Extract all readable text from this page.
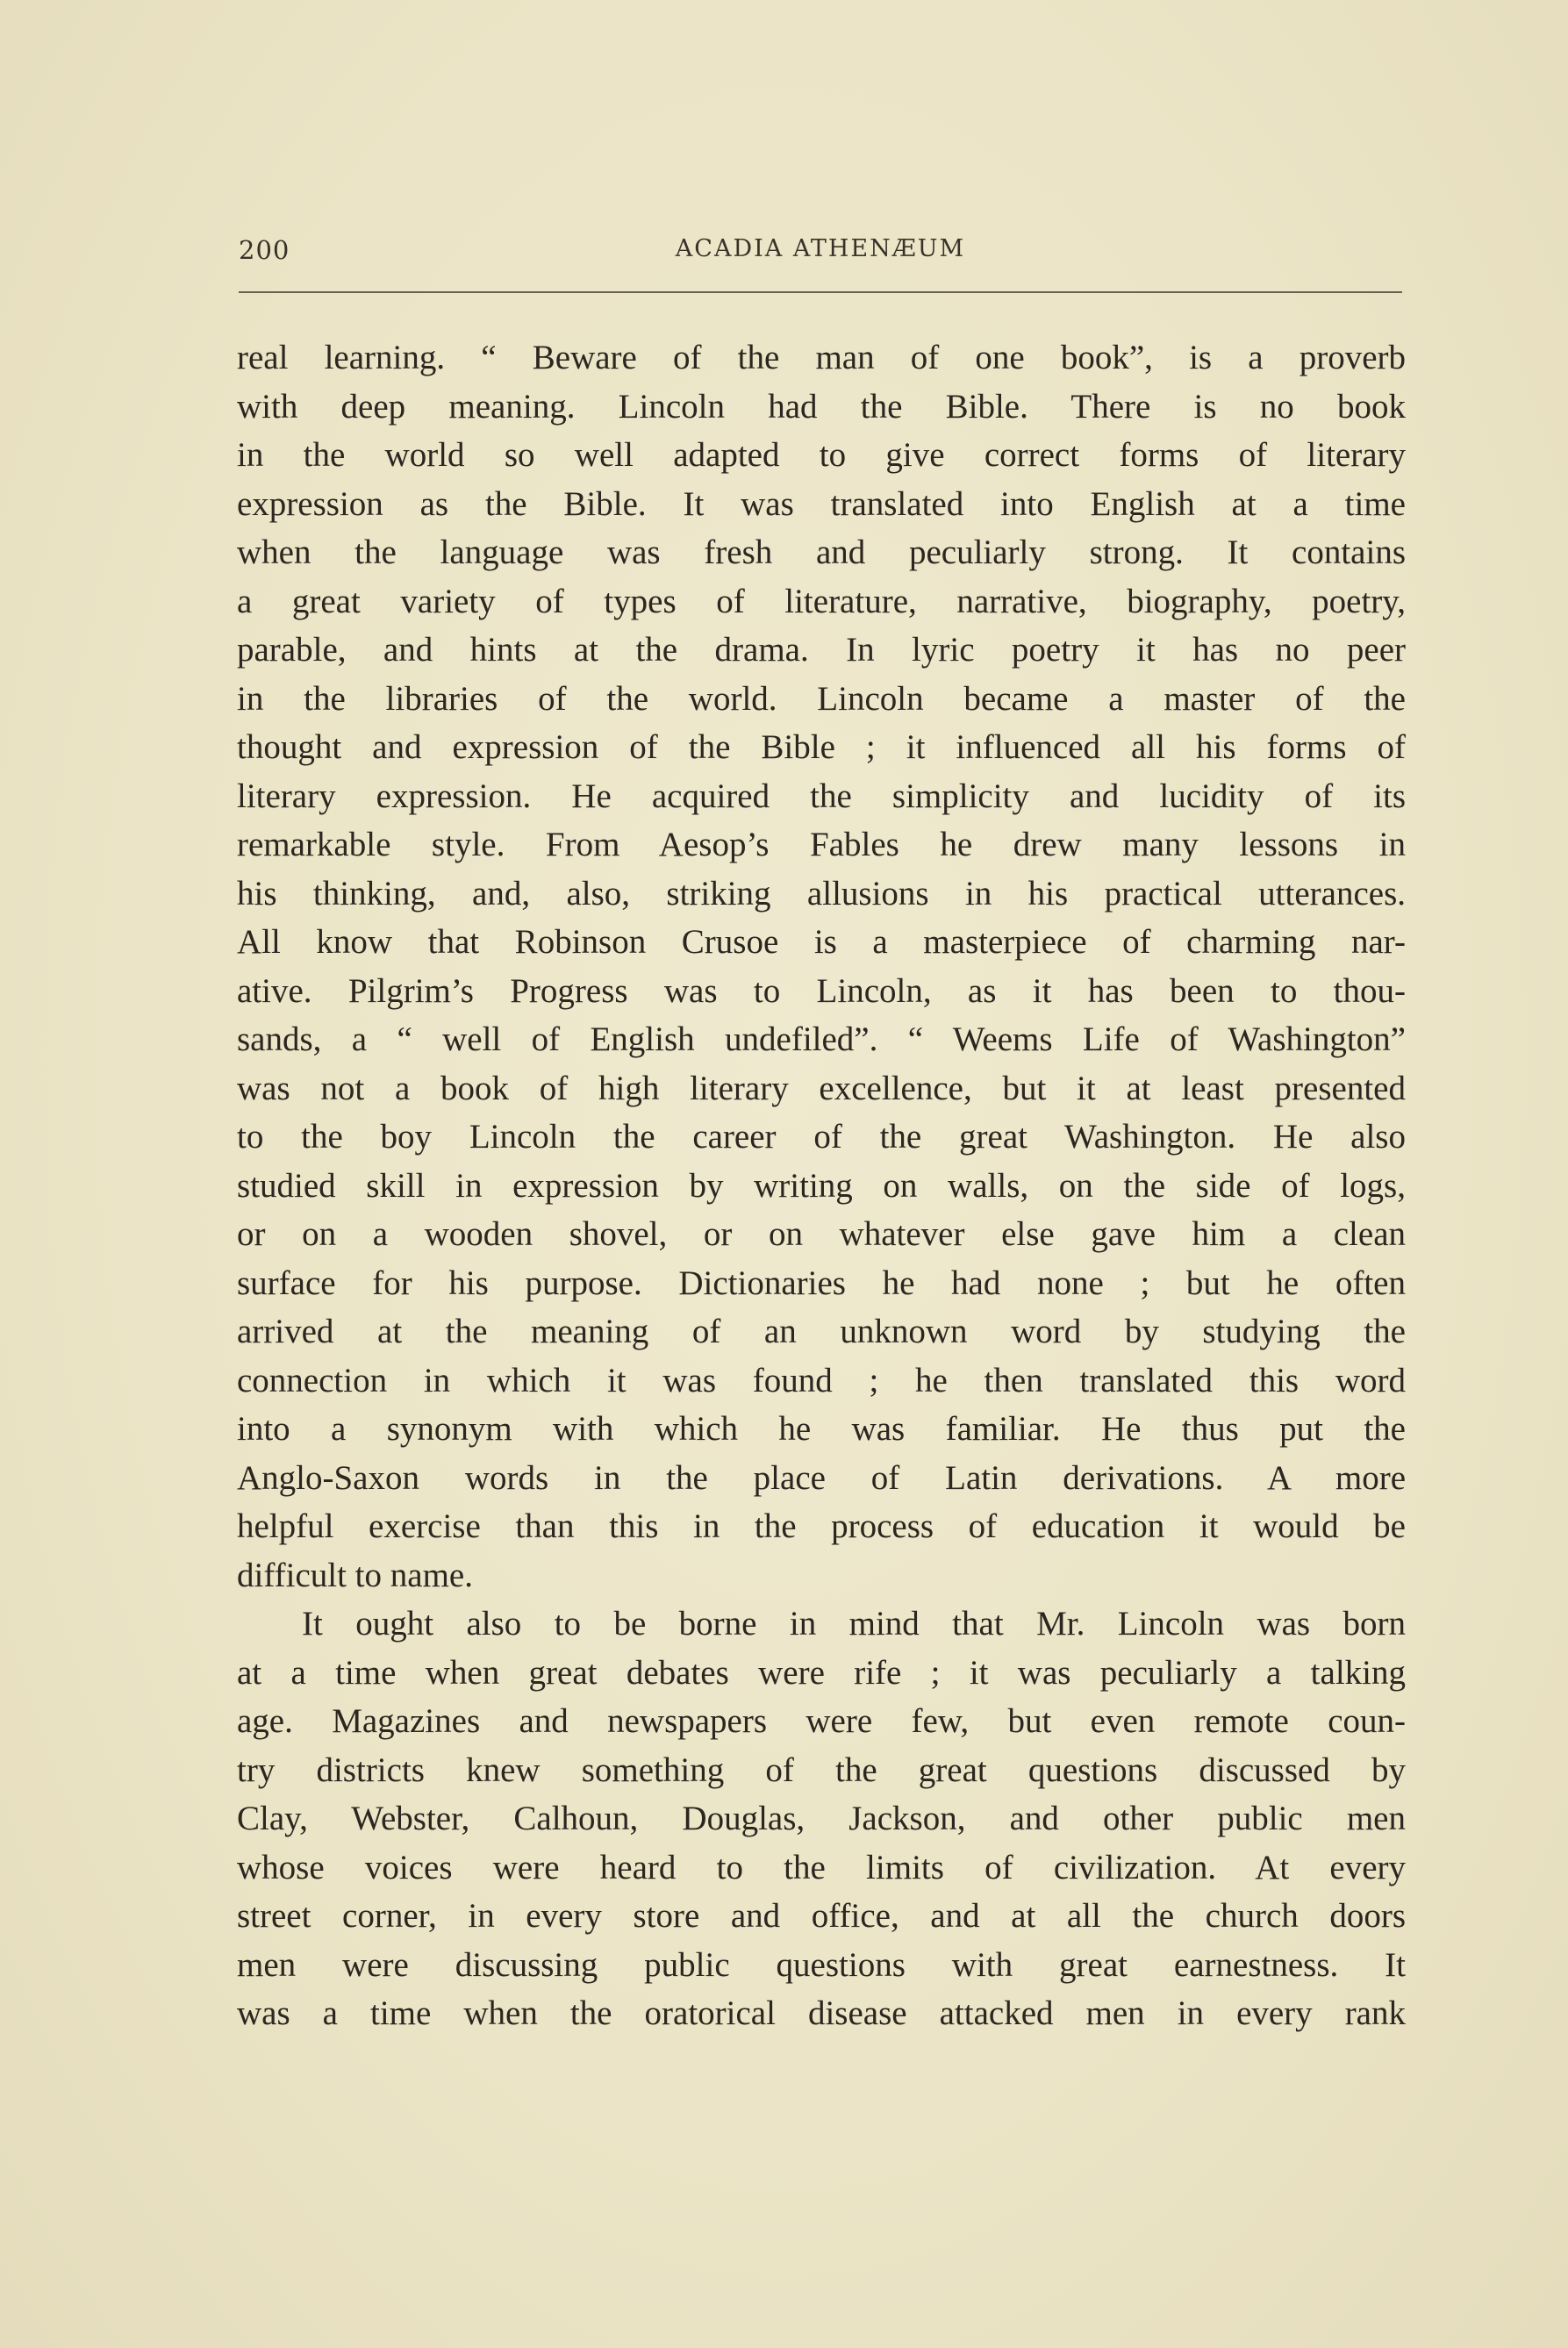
200	ACADIA ATHENÆUM
real learning. “ Beware of the man of one book”, is a proverb
with deep meaning. Lincoln had the Bible. There is no book
in the world so well adapted to give correct forms of literary
expression as the Bible. It was translated into English at a time
when the language was fresh and peculiarly strong. It contains
a great variety of types of literature, narrative, biography, poetry,
parable, and hints at the drama. In lyric poetry it has no peer
in the libraries of the world. Lincoln became a master of the
thought and expression of the Bible ; it influenced all his forms of
literary expression. He acquired the simplicity and lucidity of its
remarkable style. From Aesop’s Fables he drew many lessons in
his thinking, and, also, striking allusions in his practical utterances.
All know that Robinson Crusoe is a masterpiece of charming nar-
ative. Pilgrim’s Progress was to Lincoln, as it has been to thou-
sands, a “ well of English undefiled”. “ Weems Life of Washington”
was not a book of high literary excellence, but it at least presented
to the boy Lincoln the career of the great Washington. He also
studied skill in expression by writing on walls, on the side of logs,
or on a wooden shovel, or on whatever else gave him a clean
surface for his purpose. Dictionaries he had none ; but he often
arrived at the meaning of an unknown word by studying the
connection in which it was found ; he then translated this word
into a synonym with which he was familiar. He thus put the
Anglo-Saxon words in the place of Latin derivations. A more
helpful exercise than this in the process of education it would be
difficult to name.
It ought also to be borne in mind that Mr. Lincoln was born
at a time when great debates were rife ; it was peculiarly a talking
age. Magazines and newspapers were few, but even remote coun-
try districts knew something of the great questions discussed by
Clay, Webster, Calhoun, Douglas, Jackson, and other public men
whose voices were heard to the limits of civilization. At every
street corner, in every store and office, and at all the church doors
men were discussing public questions with great earnestness. It
was a time when the oratorical disease attacked men in every rank
